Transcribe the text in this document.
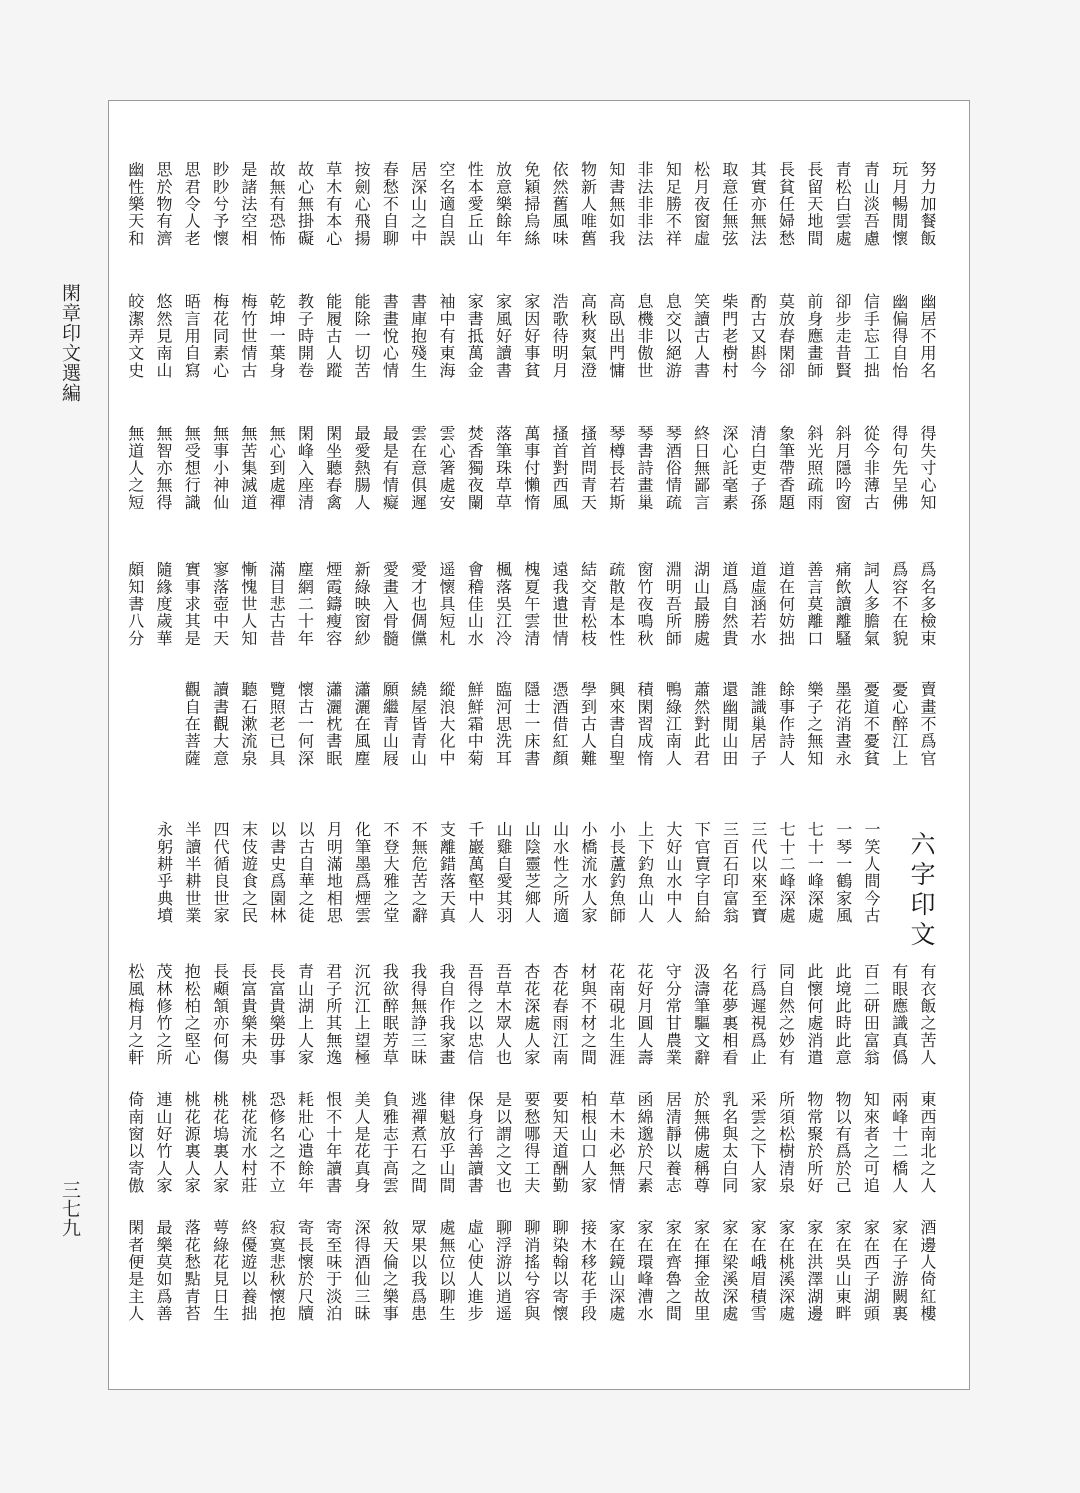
閑章印文選編
三七九
努力加餐飯
玩月暢閒懷
青山淡吾慮
青松白雲處
長留天地間
長貧任婦愁
其實亦無法
取意任無弦
松月夜窗虛
知足勝不祥
非法非非法
知書無如我
物新人唯舊
依然舊風味
免穎掃烏絲
放意樂餘年
性本愛丘山
空名適自誤
居深山之中
春愁不自聊
按劍心飛揚
草木有本心
故心無掛礙
故無有恐怖
是諸法空相
眇眇兮予懷
思君令人老
思於物有濟
幽性樂天和
幽居不用名
幽偏得自怡
信手忘工拙
卻步走昔賢
前身應畫師
莫放春閑卻
酌古又斟今
柴門老樹村
笑讀古人書
息交以絕游
息機非傲世
高臥出門慵
高秋爽氣澄
浩歌待明月
家因好事貧
家風好讀書
家書抵萬金
袖中有東海
書庫抱殘生
書畫悅心情
能除一切苦
能履古人蹤
教子時開卷
乾坤一葉身
梅竹世情古
梅花同素心
晤言用自寫
悠然見南山
皎潔弄文史
得失寸心知
得句先呈佛
從今非薄古
斜月隱吟窗
斜光照疏雨
象筆帶香題
清白吏子孫
深心託毫素
終日無鄙言
琴酒俗情疏
琴書詩畫巢
琴樽長若斯
搔首問青天
搔首對西風
萬事付懶惰
落筆珠草草
焚香獨夜闌
雲心箸處安
雲在意俱遲
最是有情癡
最愛熱腸人
閑坐聽春禽
閑峰入座清
無心到處禪
無苦集滅道
無事小神仙
無受想行識
無智亦無得
無道人之短
爲名多檢束
爲容不在貌
詞人多膽氣
痛飲讀離騷
善言莫離口
道在何妨拙
道虛涵若水
道爲自然貴
湖山最勝處
淵明吾所師
窗竹夜鳴秋
疏散是本性
結交青松枝
遠我遺世情
槐夏午雲清
楓落吳江冷
會稽佳山水
遥懷具短札
愛才也倜儻
愛畫入骨髓
新綠映窗紗
煙霞鑄瘦容
塵網二十年
滿目悲古昔
慚愧世人知
寥落壺中天
實事求其是
隨緣度歲華
頗知書八分
賣畫不爲官
憂心醉江上
憂道不憂貧
墨花消晝永
樂子之無知
餘事作詩人
誰識巢居子
還幽閒山田
蕭然對此君
鴨綠江南人
積閑習成惰
興來書自聖
學到古人難
憑酒借紅顏
隱士一床書
臨河思洗耳
鮮鮮霜中菊
縱浪大化中
繞屋皆青山
願繼青山屐
瀟灑在風塵
瀟灑枕書眠
懷古一何深
覽照老已具
聽石漱流泉
讀書觀大意
觀自在菩薩
六字印文
一笑人間今古
一琴一鶴家風
七十一峰深處
七十二峰深處
三代以來至寶
三百石印富翁
下官賣字自給
大好山水中人
上下釣魚山人
小長蘆釣魚師
小橋流水人家
山水性之所適
山陰靈芝鄉人
山雞自愛其羽
千巖萬壑中人
支離錯落天真
不無危苦之辭
不登大雅之堂
化筆墨爲煙雲
月明滿地相思
以古自華之徒
以書史爲園林
末伎遊食之民
四代循良世家
半讀半耕世業
永躬耕乎典墳
有衣飯之苦人
有眼應識真僞
百二研田富翁
此境此時此意
此懷何處消遣
同自然之妙有
行爲遲視爲止
名花夢裏相看
汲濤筆驅文辭
守分常甘農業
花好月圓人壽
花南硯北生涯
材與不材之間
杏花春雨江南
杏花深處人家
吾草木眾人也
吾得之以忠信
我自作我家畫
我得無諍三昧
我欲醉眠芳草
沉沉江上望極
君子所其無逸
青山湖上人家
長富貴樂毋事
長富貴樂未央
長顑頷亦何傷
抱松柏之堅心
茂林修竹之所
松風梅月之軒
東西南北之人
兩峰十二橋人
知來者之可追
物以有爲於己
物常聚於所好
所須松樹清泉
采雲之下人家
乳名與太白同
於無佛處稱尊
居清靜以養志
函綿邈於尺素
草木未必無情
柏根山口人家
要知天道酬勤
要愁哪得工夫
是以謂之文也
保身行善讀書
律魁放乎山間
逃禪煮石之間
負雅志于高雲
美人是花真身
恨不十年讀書
耗壯心遣餘年
恐修名之不立
桃花流水村莊
桃花塢裏人家
桃花源裏人家
連山好竹人家
倚南窗以寄傲
酒邊人倚紅樓
家在子游闕裏
家在西子湖頭
家在吳山東畔
家在洪澤湖邊
家在桃溪深處
家在峨眉積雪
家在梁溪深處
家在揮金故里
家在齊魯之間
家在環峰漕水
家在鏡山深處
接木移花手段
聊染翰以寄懷
聊消搖兮容與
聊浮游以逍遥
虛心使人進步
處無位以聊生
眾果以我爲患
敘天倫之樂事
深得酒仙三昧
寄至味于淡泊
寄長懷於尺牘
寂寞悲秋懷抱
終優遊以養拙
萼綠花見日生
落花愁點青苔
最樂莫如爲善
閑者便是主人
